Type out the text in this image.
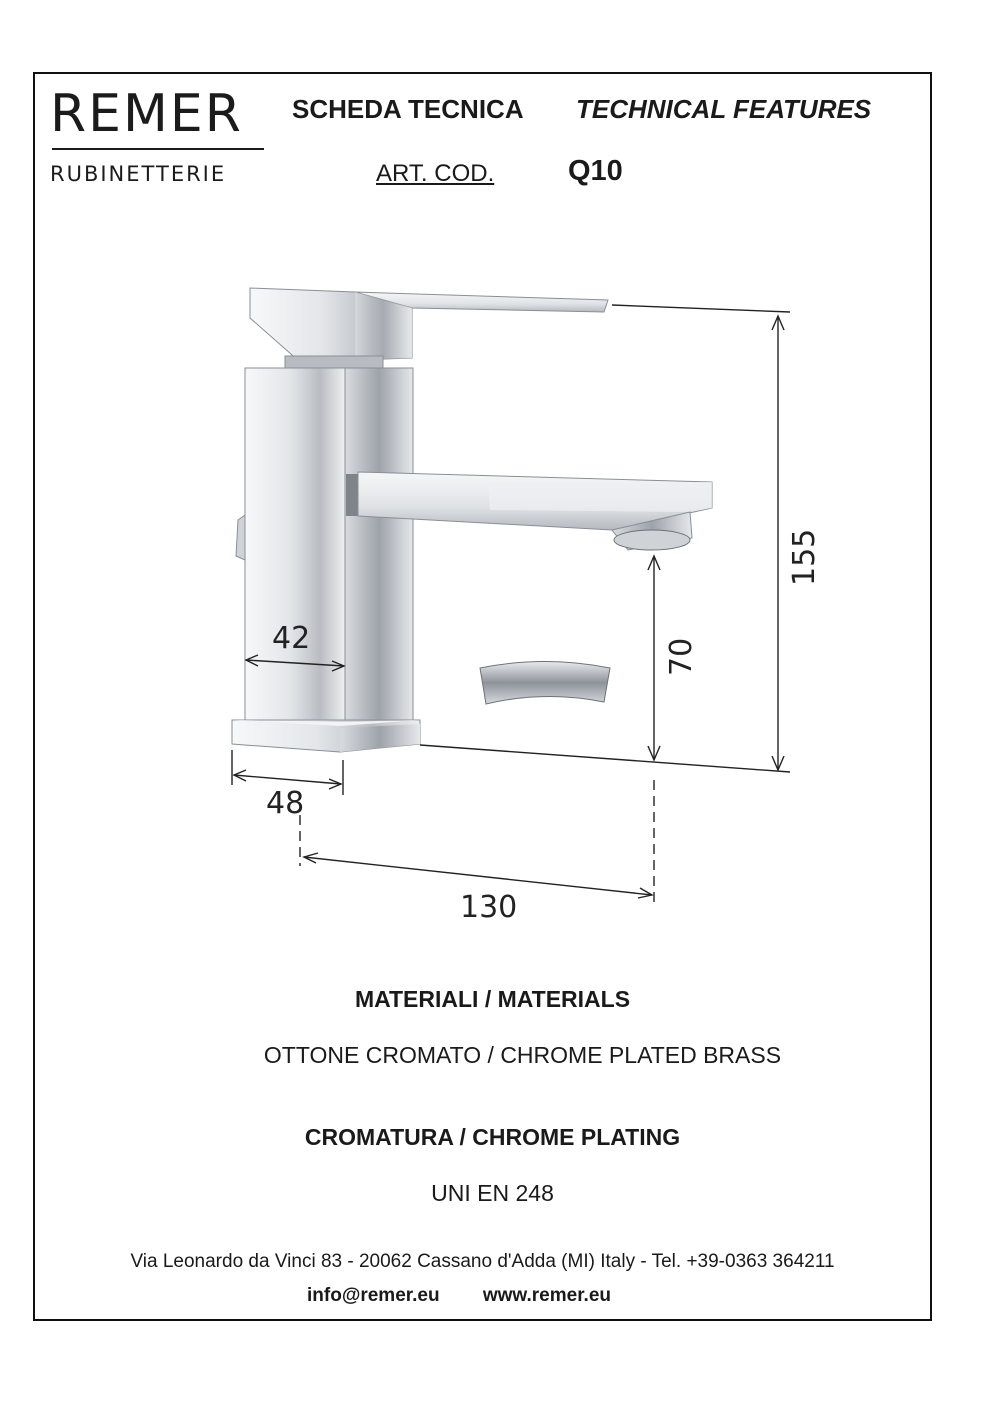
REMER
RUBINETTERIE
SCHEDA TECNICA TECHNICAL FEATURES
ART. COD.	Q10
42
48
130
70
155
MATERIALI / MATERIALS
OTTONE CROMATO / CHROME PLATED BRASS
CROMATURA / CHROME PLATING
UNI EN 248
Via Leonardo da Vinci 83 - 20062 Cassano d'Adda (MI) Italy - Tel. +39-0363 364211
info@remer.eu www.remer.eu
